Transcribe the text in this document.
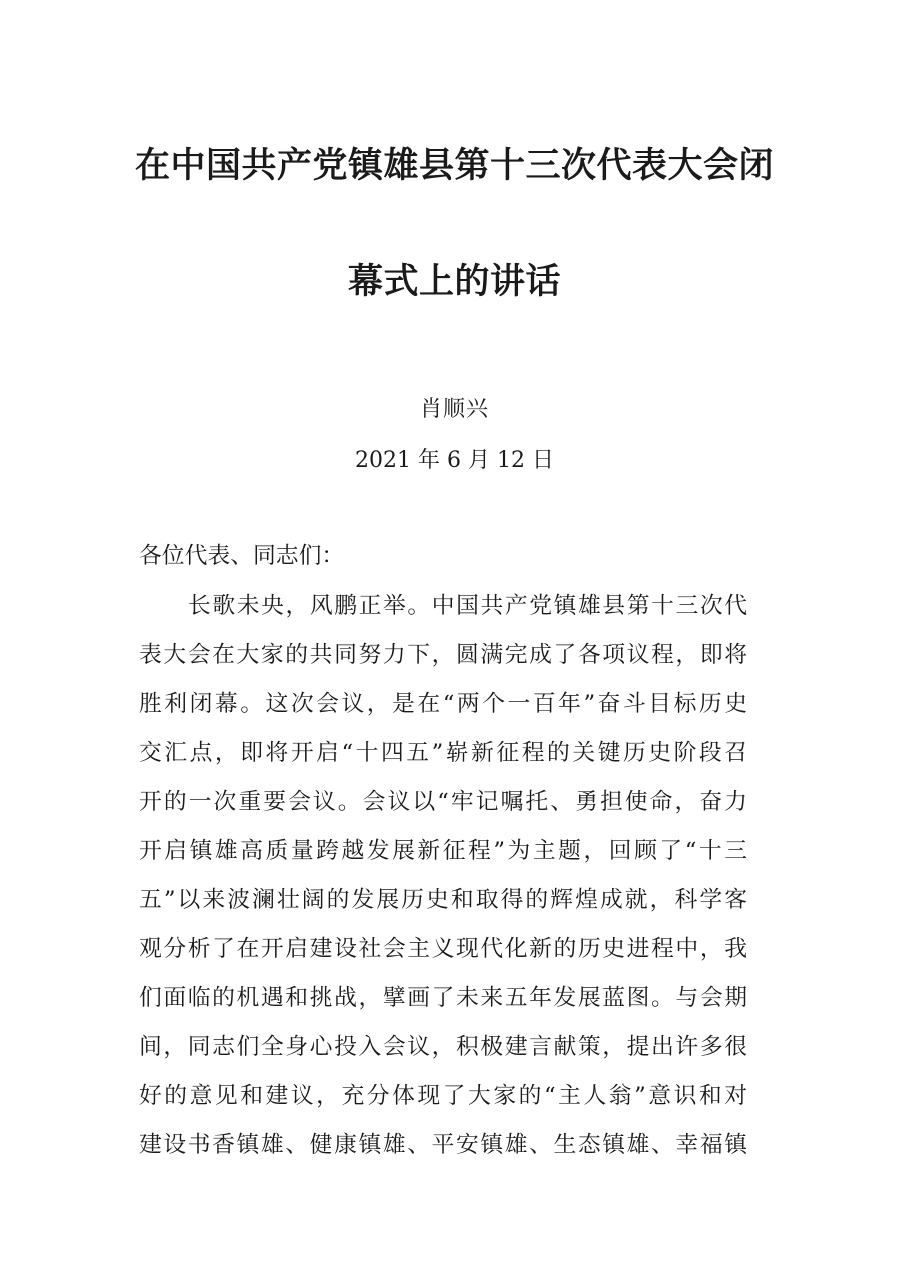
在中国共产党镇雄县第十三次代表大会闭
幕式上的讲话
肖顺兴
2021 年 6 月 12 日
各位代表、同志们：
长歌未央，风鹏正举。中国共产党镇雄县第十三次代
表大会在大家的共同努力下，圆满完成了各项议程，即将
胜利闭幕。这次会议，是在“两个一百年”奋斗目标历史
交汇点，即将开启“十四五”崭新征程的关键历史阶段召
开的一次重要会议。会议以“牢记嘱托、勇担使命，奋力
开启镇雄高质量跨越发展新征程”为主题，回顾了“十三
五”以来波澜壮阔的发展历史和取得的辉煌成就，科学客
观分析了在开启建设社会主义现代化新的历史进程中，我
们面临的机遇和挑战，擘画了未来五年发展蓝图。与会期
间，同志们全身心投入会议，积极建言献策，提出许多很
好的意见和建议，充分体现了大家的“主人翁”意识和对
建设书香镇雄、健康镇雄、平安镇雄、生态镇雄、幸福镇
